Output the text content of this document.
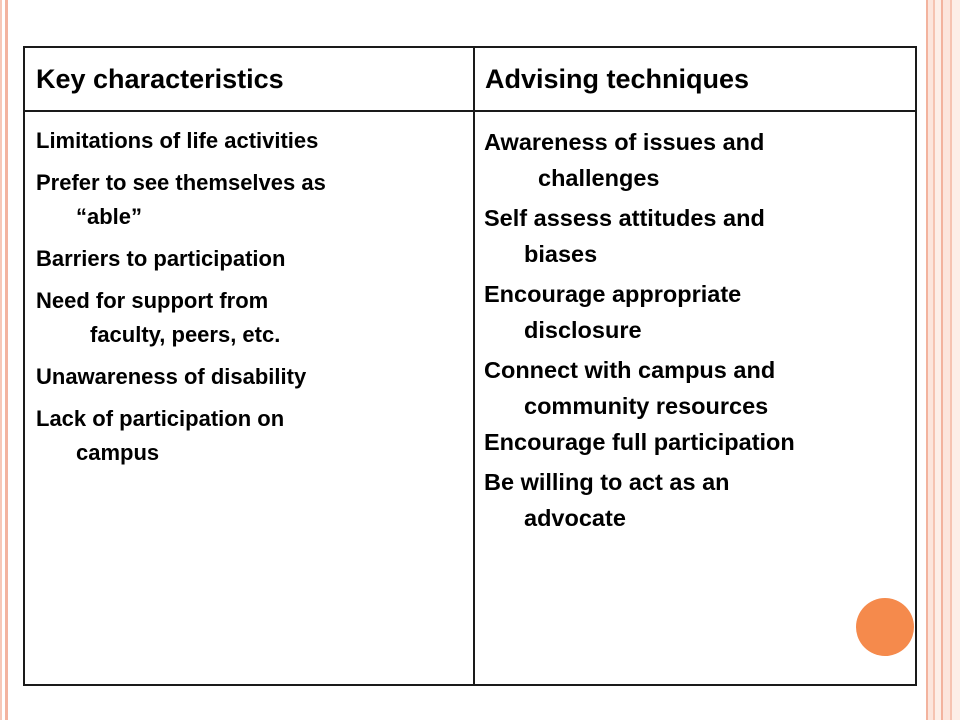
Key characteristics	Advising techniques
Limitations of life activities
Prefer to see themselves as
“able”
Barriers to participation
Need for support from
faculty, peers, etc.
Unawareness of disability
Lack of participation on
campus
Awareness of issues and
challenges
Self assess attitudes and
biases
Encourage appropriate
disclosure
Connect with campus and
community resources
Encourage full participation
Be willing to act as an
advocate
